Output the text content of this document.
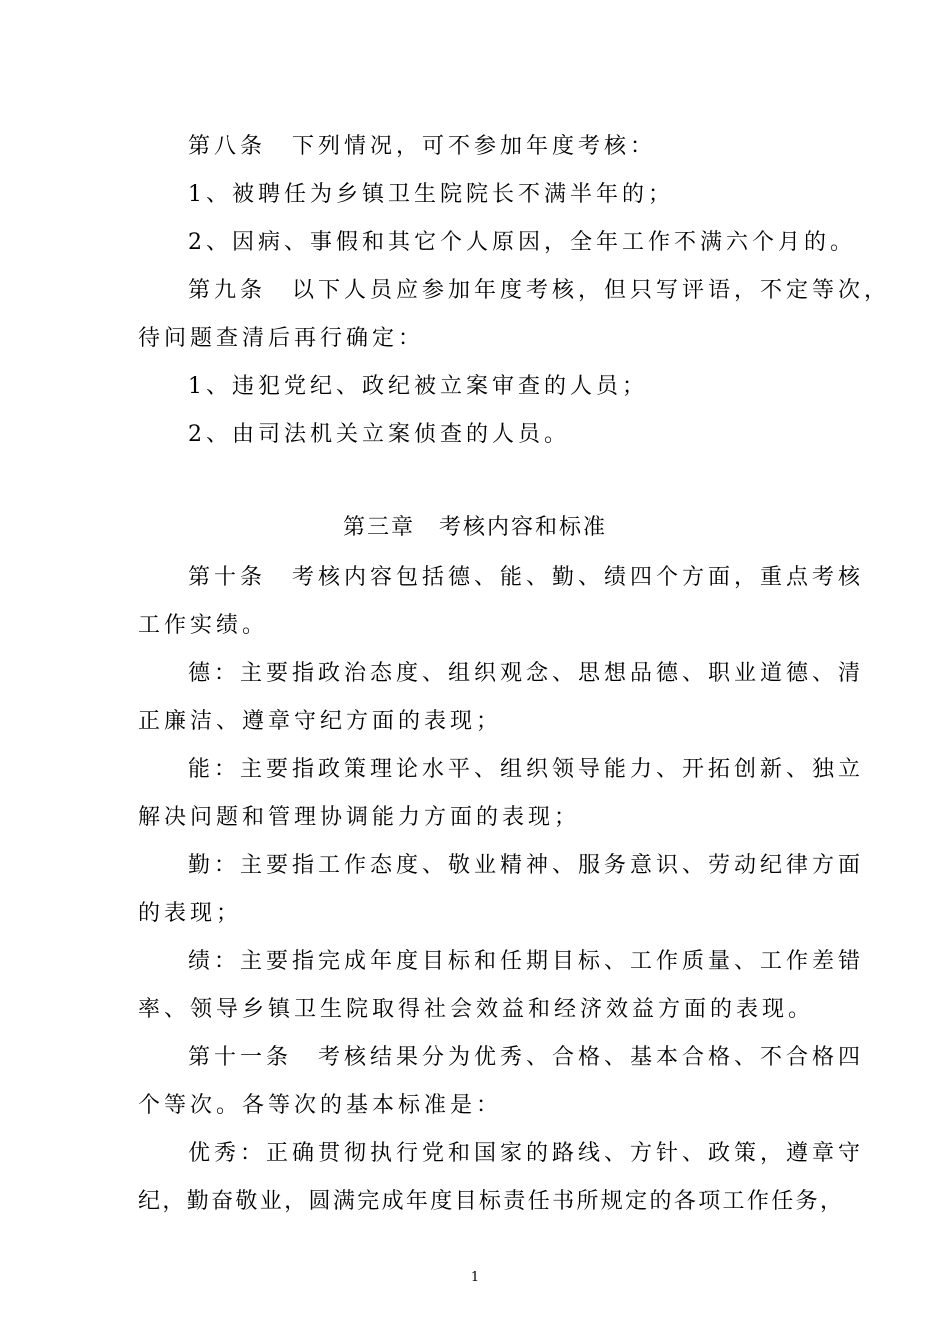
第八条　下列情况，可不参加年度考核：
1、被聘任为乡镇卫生院院长不满半年的；
2、因病、事假和其它个人原因，全年工作不满六个月的。
第九条　以下人员应参加年度考核，但只写评语，不定等次，
待问题查清后再行确定：
1、违犯党纪、政纪被立案审查的人员；
2、由司法机关立案侦查的人员。
第三章　考核内容和标准
第十条　考核内容包括德、能、勤、绩四个方面，重点考核
工作实绩。
德：主要指政治态度、组织观念、思想品德、职业道德、清
正廉洁、遵章守纪方面的表现；
能：主要指政策理论水平、组织领导能力、开拓创新、独立
解决问题和管理协调能力方面的表现；
勤：主要指工作态度、敬业精神、服务意识、劳动纪律方面
的表现；
绩：主要指完成年度目标和任期目标、工作质量、工作差错
率、领导乡镇卫生院取得社会效益和经济效益方面的表现。
第十一条　考核结果分为优秀、合格、基本合格、不合格四
个等次。各等次的基本标准是：
优秀：正确贯彻执行党和国家的路线、方针、政策，遵章守
纪，勤奋敬业，圆满完成年度目标责任书所规定的各项工作任务，
1
